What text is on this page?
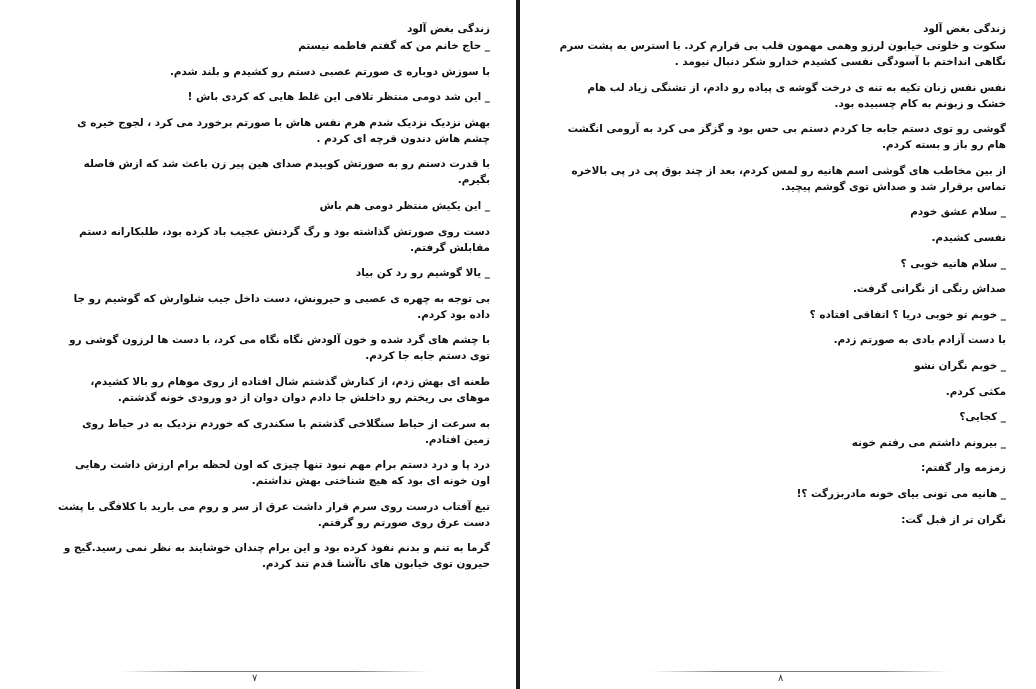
زندگی بغض آلود

_ حاج خانم من که گفتم فاطمه نیستم

با سوزش دوباره ی صورتم عصبی دستم رو کشیدم و بلند شدم.

_ این شد دومی منتظر تلافی این غلط هایی که کردی باش !

بهش نزدیک نزدیک شدم هرم نفس هاش با صورتم برخورد می کرد ، لجوج خیره ی چشم هاش دندون قرچه ای کردم .

با قدرت دستم رو به صورتش کوبیدم صدای هین پیر زن باعث شد که ازش فاصله بگیرم.

_ این یکیش منتظر دومی هم باش

دست روی صورتش گذاشته بود و رگ گردنش عجیب باد کرده بود، طلبکارانه دستم مقابلش گرفتم.

_ یالا گوشیم رو رد کن بیاد

بی توجه به چهره ی عصبی و حیرونش، دست داخل جیب شلوارش که گوشیم رو جا داده بود کردم.

با چشم های گرد شده و خون آلودش نگاه نگاه می کرد، با دست ها لرزون گوشی رو توی دستم جابه جا کردم.

طعنه ای بهش زدم، از کنارش گذشتم شال افتاده از روی موهام رو بالا کشیدم، موهای بی ریختم رو داخلش جا دادم دوان دوان از دو ورودی خونه گذشتم.

به سرعت از حیاط سنگلاخی گذشتم با سکندری که خوردم نزدیک به در حیاط روی زمین افتادم.

درد پا و درد دستم برام مهم نبود تنها چیزی که اون لحظه برام ارزش داشت رهایی اون خونه ای بود که هیچ شناختی بهش نداشتم.

تیغ آفتاب درست روی سرم قرار داشت عرق از سر و روم می بارید با کلافگی با پشت دست عرق روی صورتم رو گرفتم.

گرما به تنم و بدنم نفوذ کرده بود و این برام چندان خوشایند به نظر نمی رسید.گیج و حیرون توی خیابون های ناآشنا قدم تند کردم.

۷

زندگی بغض آلود

سکوت و خلوتی خیابون لرزو وهمی مهمون قلب بی قرارم کرد. با استرس به پشت سرم نگاهی انداختم با آسودگی نفسی کشیدم خدارو شکر دنبال نیومد .

نفس نفس زنان تکیه به تنه ی درخت گوشه ی پیاده رو دادم، از تشنگی زیاد لب هام خشک و زبونم به کام چسبیده بود.

گوشی رو توی دستم جابه جا کردم دستم بی حس بود و گزگز می کرد به آرومی انگشت هام رو باز و بسته کردم.

از بین مخاطب های گوشی اسم هانیه رو لمس کردم، بعد از چند بوق پی در پی بالاخره تماس برقرار شد و صداش توی گوشم پیچید.

_ سلام عشق خودم

نفسی کشیدم.

_ سلام هانیه خوبی ؟

صداش رنگی از نگرانی گرفت.

_ خوبم تو خوبی دریا ؟ اتفاقی افتاده ؟

با دست آزادم بادی به صورتم زدم.

_ خوبم نگران نشو

مکثی کردم.

_ کجایی؟

_ بیرونم داشتم می رفتم خونه

زمزمه وار گفتم:

_ هانیه می تونی بیای خونه مادربزرگت ؟!

نگران تر از قبل گت:

۸
